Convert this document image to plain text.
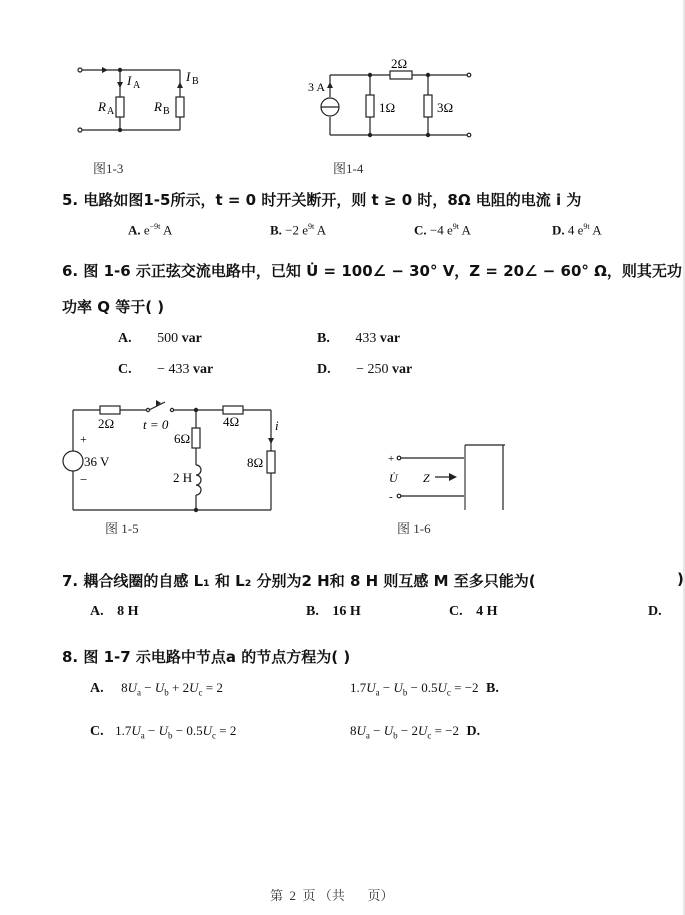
I A
I B
R A	R B
图1-3
3 A
2Ω
1Ω	3Ω
图1-4
5. 电路如图1-5所示，t = 0 时开关断开，则 t ≥ 0 时，8Ω 电阻的电流 i 为
A. $e^{-9t}$ A	B. −2 $e^{9t}$ A	C. −4 $e^{9t}$ A	D. 4 $e^{9t}$ A
6. 图 1-6 示正弦交流电路中，已知 U̇ = 100∠ − 30° V，Z = 20∠ − 60° Ω，则其无功
功率 Q 等于( )
A. 500 var	B. 433 var
C. − 433 var	D. − 250 var
2Ω t = 0	4Ω
6Ω
i
+
36 V
−	2 H
8Ω
图 1-5
+
U̇
-
Z
图 1-6
7. 耦合线圈的自感 L₁ 和 L₂ 分别为2 H和 8 H 则互感 M 至多只能为(	)
A. 8 H	B. 16 H	C. 4 H	D.
8. 图 1-7 示电路中节点a 的节点方程为( )
A. $8U_a - U_b + 2U_c = 2$	$1.7U_a - U_b - 0.5U_c = -2$ B.
C. $1.7U_a - U_b - 0.5U_c = 2$	$8U_a - U_b - 2U_c = -2$ D.
第  2  页 （共       页）
